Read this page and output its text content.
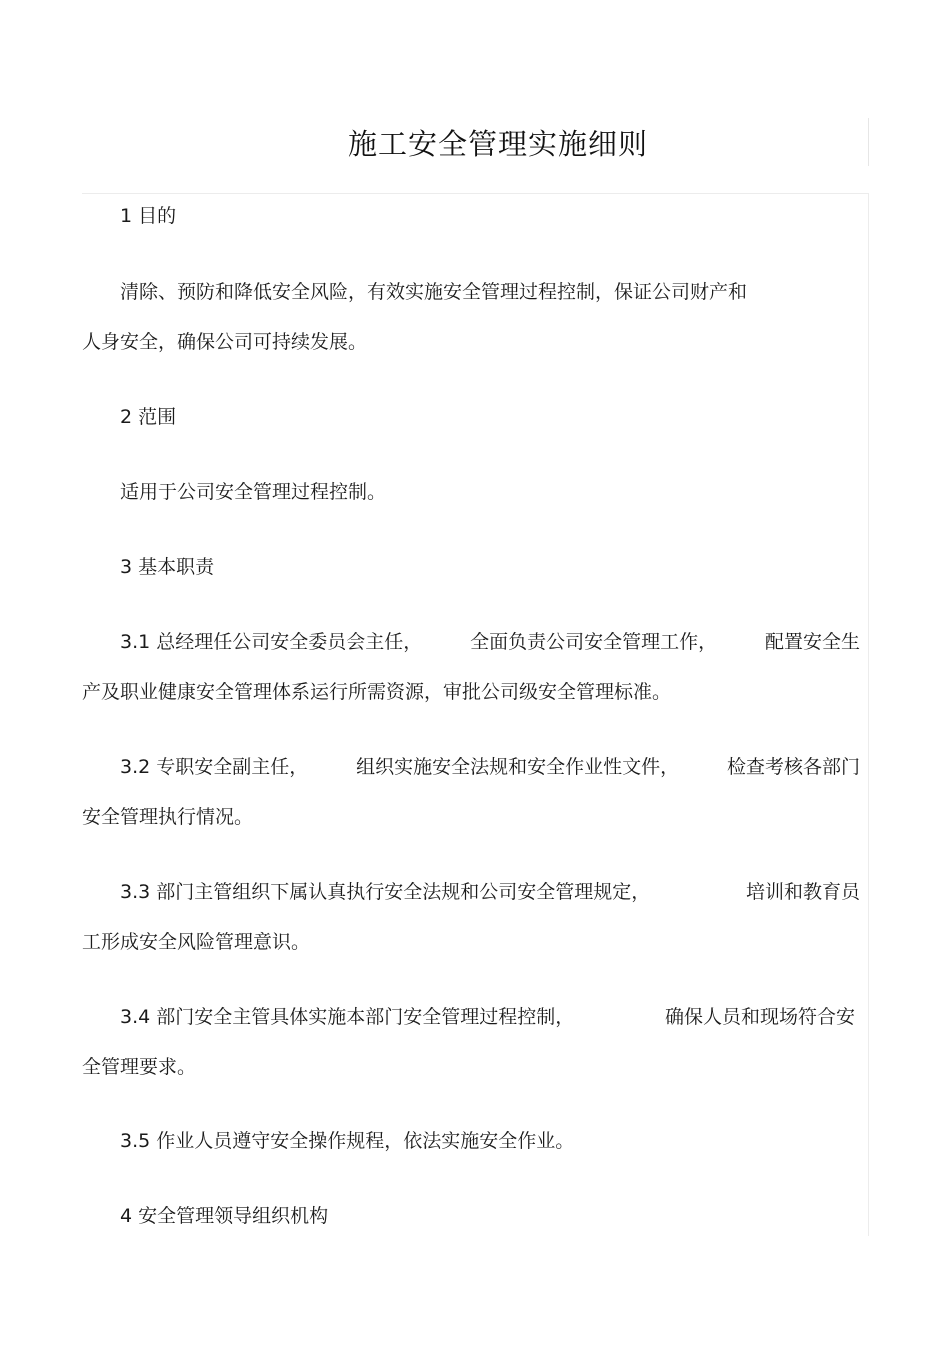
施工安全管理实施细则
1 目的
清除、预防和降低安全风险，有效实施安全管理过程控制，保证公司财产和
人身安全，确保公司可持续发展。
2 范围
适用于公司安全管理过程控制。
3 基本职责
3.1 总经理任公司安全委员会主任，	全面负责公司安全管理工作，	配置安全生
产及职业健康安全管理体系运行所需资源，审批公司级安全管理标准。
3.2 专职安全副主任，	组织实施安全法规和安全作业性文件，	检查考核各部门
安全管理执行情况。
3.3 部门主管组织下属认真执行安全法规和公司安全管理规定，	培训和教育员
工形成安全风险管理意识。
3.4 部门安全主管具体实施本部门安全管理过程控制，	确保人员和现场符合安
全管理要求。
3.5 作业人员遵守安全操作规程，依法实施安全作业。
4 安全管理领导组织机构
